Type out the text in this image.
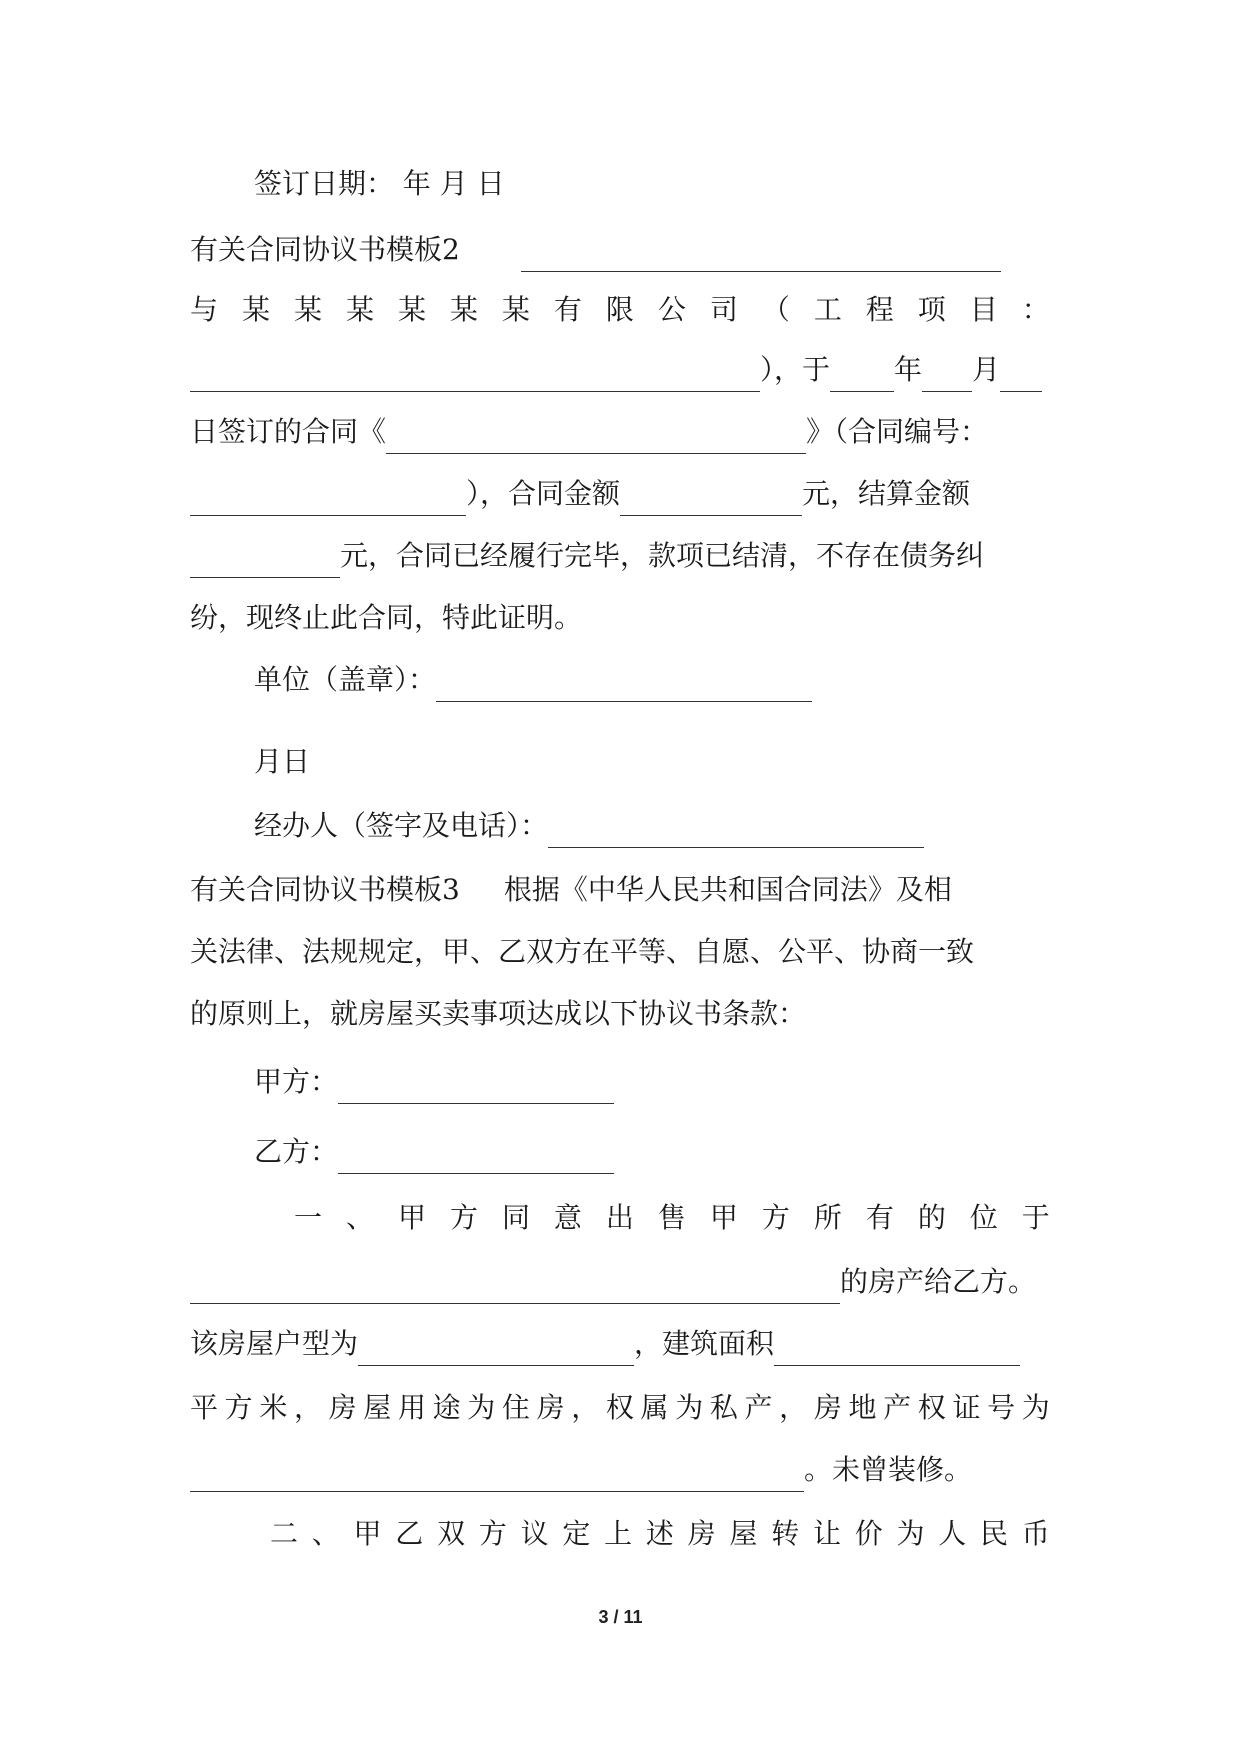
签订日期： 年 月 日
有关合同协议书模板2
与 某 某 某 某 某 某 有 限 公 司 （ 工 程 项 目 ：
），于 年 月
日签订的合同《	》（合同编号：
），合同金额	元，结算金额
元，合同已经履行完毕，款项已结清，不存在债务纠
纷，现终止此合同，特此证明。
单位（盖章）：
月日
经办人（签字及电话）：
有关合同协议书模板3 根据《中华人民共和国合同法》及相
关法律、法规规定，甲、乙双方在平等、自愿、公平、协商一致
的原则上，就房屋买卖事项达成以下协议书条款：
甲方：
乙方：
一 、 甲 方 同 意 出 售 甲 方 所 有 的 位 于
的房产给乙方。
该房屋户型为	，建筑面积
平 方 米 ， 房 屋 用 途 为 住 房 ， 权 属 为 私 产 ， 房 地 产 权 证 号 为
。未曾装修。
二 、 甲 乙 双 方 议 定 上 述 房 屋 转 让 价 为 人 民 币
3 / 11
